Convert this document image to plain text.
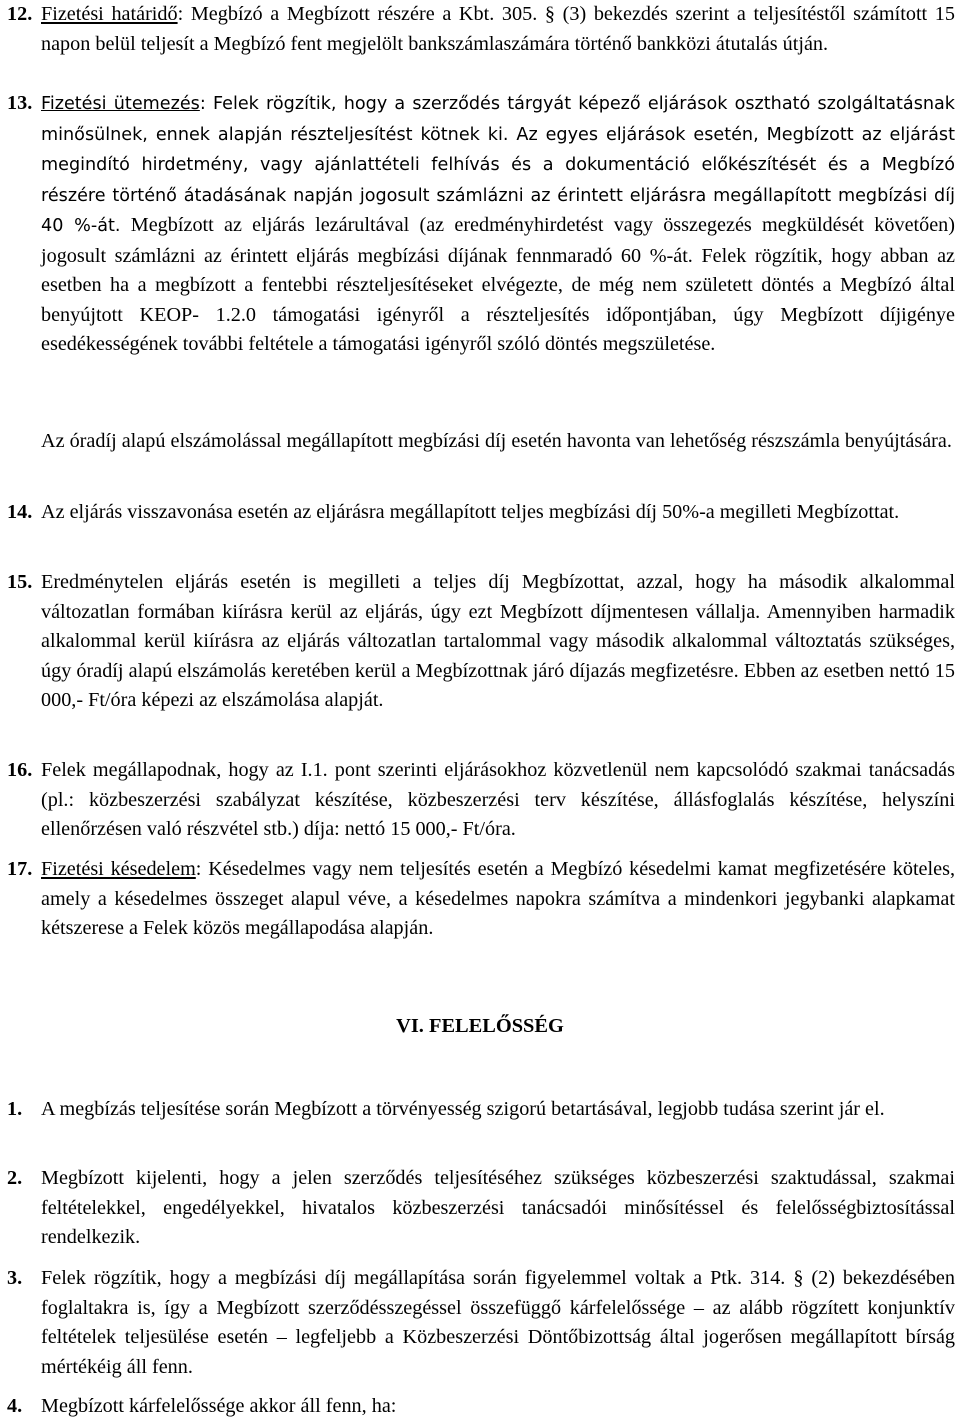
12. Fizetési határidő: Megbízó a Megbízott részére a Kbt. 305. § (3) bekezdés szerint a teljesítéstől számított 15 napon belül teljesít a Megbízó fent megjelölt bankszámlaszámára történő bankközi átutalás útján.
13. Fizetési ütemezés: Felek rögzítik, hogy a szerződés tárgyát képező eljárások osztható szolgáltatásnak minősülnek, ennek alapján részteljesítést kötnek ki. Az egyes eljárások esetén, Megbízott az eljárást megindító hirdetmény, vagy ajánlattételi felhívás és a dokumentáció előkészítését és a Megbízó részére történő átadásának napján jogosult számlázni az érintett eljárásra megállapított megbízási díj 40 %-át. Megbízott az eljárás lezárultával (az eredményhirdetést vagy összegezés megküldését követően) jogosult számlázni az érintett eljárás megbízási díjának fennmaradó 60 %-át. Felek rögzítik, hogy abban az esetben ha a megbízott a fentebbi részteljesítéseket elvégezte, de még nem született döntés a Megbízó által benyújtott KEOP- 1.2.0 támogatási igényről a részteljesítés időpontjában, úgy Megbízott díjigénye esedékességének további feltétele a támogatási igényről szóló döntés megszületése.
Az óradíj alapú elszámolással megállapított megbízási díj esetén havonta van lehetőség részszámla benyújtására.
14. Az eljárás visszavonása esetén az eljárásra megállapított teljes megbízási díj 50%-a megilleti Megbízottat.
15. Eredménytelen eljárás esetén is megilleti a teljes díj Megbízottat, azzal, hogy ha második alkalommal változatlan formában kiírásra kerül az eljárás, úgy ezt Megbízott díjmentesen vállalja. Amennyiben harmadik alkalommal kerül kiírásra az eljárás változatlan tartalommal vagy második alkalommal változtatás szükséges, úgy óradíj alapú elszámolás keretében kerül a Megbízottnak járó díjazás megfizetésre. Ebben az esetben nettó 15 000,- Ft/óra képezi az elszámolása alapját.
16. Felek megállapodnak, hogy az I.1. pont szerinti eljárásokhoz közvetlenül nem kapcsolódó szakmai tanácsadás (pl.: közbeszerzési szabályzat készítése, közbeszerzési terv készítése, állásfoglalás készítése, helyszíni ellenőrzésen való részvétel stb.) díja: nettó 15 000,- Ft/óra.
17. Fizetési késedelem: Késedelmes vagy nem teljesítés esetén a Megbízó késedelmi kamat megfizetésére köteles, amely a késedelmes összeget alapul véve, a késedelmes napokra számítva a mindenkori jegybanki alapkamat kétszerese a Felek közös megállapodása alapján.
VI. FELELŐSSÉG
1. A megbízás teljesítése során Megbízott a törvényesség szigorú betartásával, legjobb tudása szerint jár el.
2. Megbízott kijelenti, hogy a jelen szerződés teljesítéséhez szükséges közbeszerzési szaktudással, szakmai feltételekkel, engedélyekkel, hivatalos közbeszerzési tanácsadói minősítéssel és felelősségbiztosítással rendelkezik.
3. Felek rögzítik, hogy a megbízási díj megállapítása során figyelemmel voltak a Ptk. 314. § (2) bekezdésében foglaltakra is, így a Megbízott szerződésszegéssel összefüggő kárfelelőssége – az alább rögzített konjunktív feltételek teljesülése esetén – legfeljebb a Közbeszerzési Döntőbizottság által jogerősen megállapított bírság mértékéig áll fenn.
4. Megbízott kárfelelőssége akkor áll fenn, ha:
